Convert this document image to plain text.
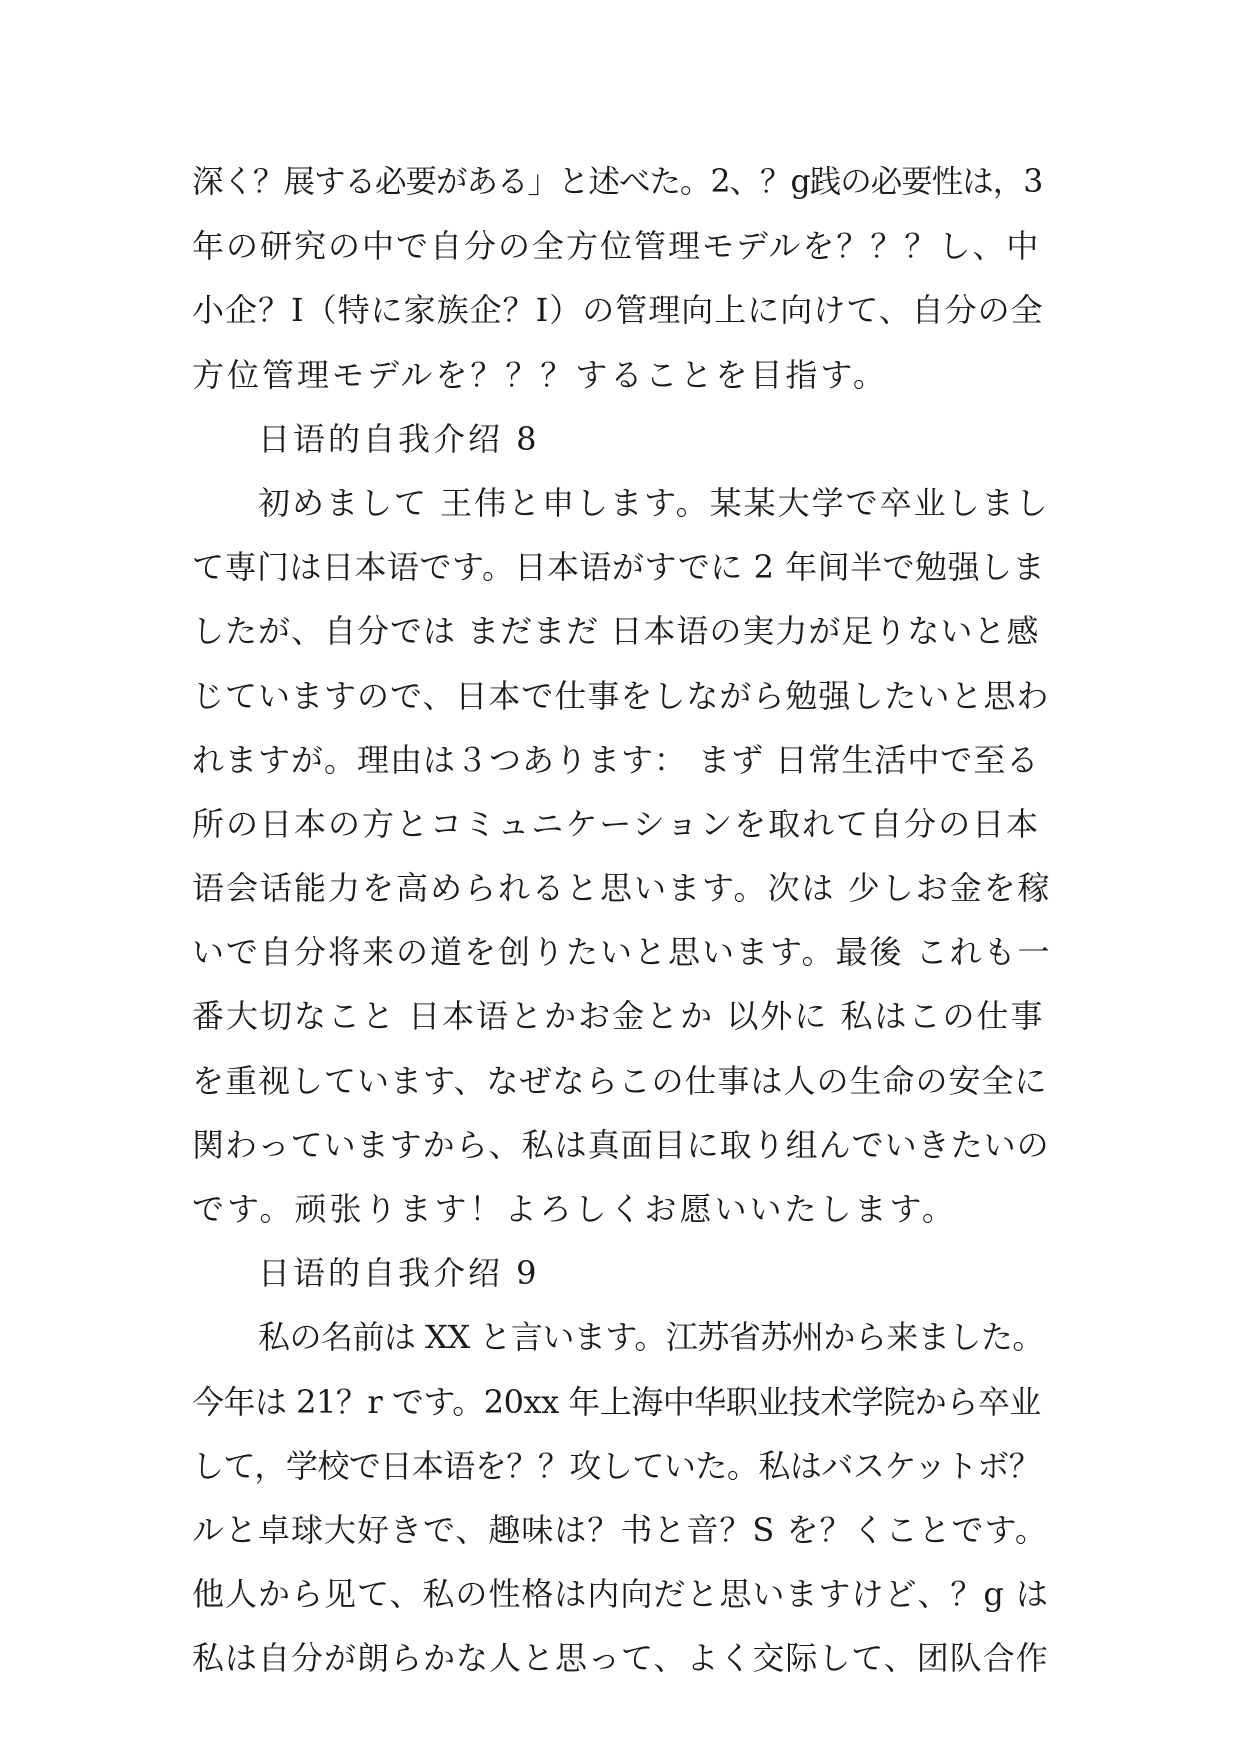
深く？展する必要がある」と述べた。2、？g践の必要性は，3
年の研究の中で自分の全方位管理モデルを？？？し、中
小企？I（特に家族企？I）の管理向上に向けて、自分の全
方位管理モデルを？？？することを目指す。
日语的自我介绍 8
初めまして 王伟と申します。某某大学で卒业しまし
て専门は日本语です。日本语がすでに 2 年间半で勉强しま
したが、自分では まだまだ 日本语の実力が足りないと感
じていますので、日本で仕事をしながら勉强したいと思わ
れますが。理由は３つあります： まず 日常生活中で至る
所の日本の方とコミュニケーションを取れて自分の日本
语会话能力を高められると思います。次は 少しお金を稼
いで自分将来の道を创りたいと思います。最後 これも一
番大切なこと 日本语とかお金とか 以外に 私はこの仕事
を重视しています、なぜならこの仕事は人の生命の安全に
関わっていますから、私は真面目に取り组んでいきたいの
です。顽张ります！よろしくお愿いいたします。
日语的自我介绍 9
私の名前は XX と言います。江苏省苏州から来ました。
今年は 21？r です。20xx 年上海中华职业技术学院から卒业
して，学校で日本语を？？攻していた。私はバスケットボ？
ルと卓球大好きで、趣味は？书と音？S を？くことです。
他人から见て、私の性格は内向だと思いますけど、？g は
私は自分が朗らかな人と思って、よく交际して、团队合作
